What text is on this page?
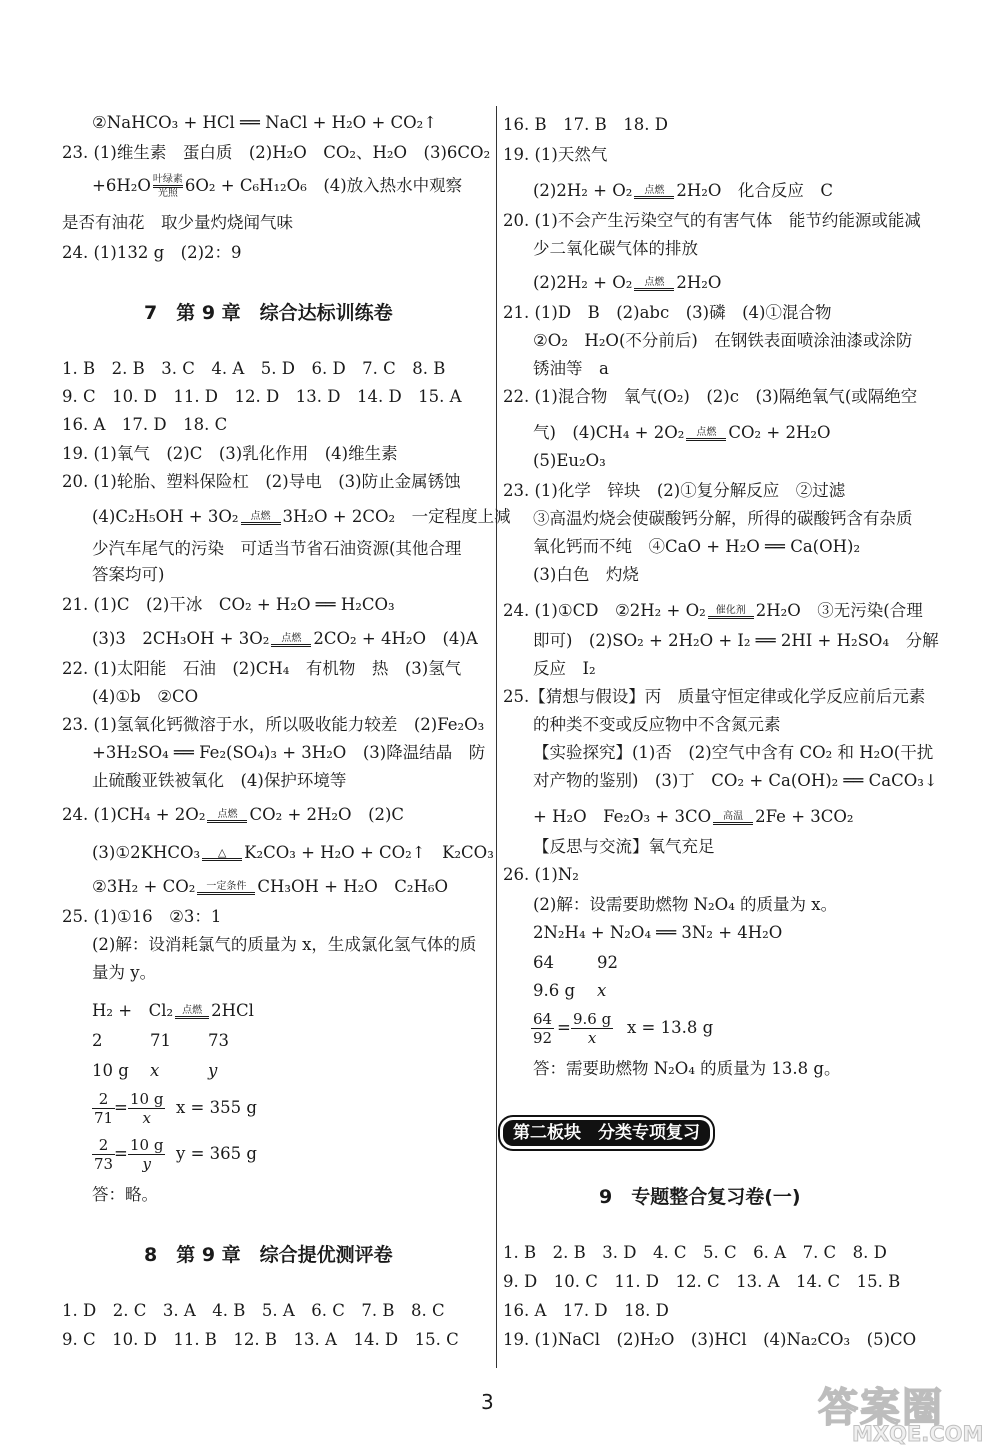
②NaHCO₃ + HCl ══ NaCl + H₂O + CO₂↑
23. (1)维生素　蛋白质　(2)H₂O　CO₂、H₂O　(3)6CO₂
+6H₂O 叶绿素
光照 6O₂ + C₆H₁₂O₆　(4)放入热水中观察
是否有油花　取少量灼烧闻气味
24. (1)132 g　(2)2：9
7　第 9 章　综合达标训练卷
1. B　2. B　3. C　4. A　5. D　6. D　7. C　8. B
9. C　10. D　11. D　12. D　13. D　14. D　15. A
16. A　17. D　18. C
19. (1)氧气　(2)C　(3)乳化作用　(4)维生素
20. (1)轮胎、塑料保险杠　(2)导电　(3)防止金属锈蚀
(4)C₂H₅OH + 3O₂	点燃 3H₂O + 2CO₂　一定程度上减
少汽车尾气的污染　可适当节省石油资源(其他合理
答案均可)
21. (1)C　(2)干冰　CO₂ + H₂O ══ H₂CO₃
(3)3　2CH₃OH + 3O₂	点燃 2CO₂ + 4H₂O　(4)A
22. (1)太阳能　石油　(2)CH₄　有机物　热　(3)氢气
(4)①b　②CO
23. (1)氢氧化钙微溶于水，所以吸收能力较差　(2)Fe₂O₃
+3H₂SO₄ ══ Fe₂(SO₄)₃ + 3H₂O　(3)降温结晶　防
止硫酸亚铁被氧化　(4)保护环境等
24. (1)CH₄ + 2O₂	点燃 CO₂ + 2H₂O　(2)C
(3)①2KHCO₃	△	K₂CO₃ + H₂O + CO₂↑　K₂CO₃
②3H₂ + CO₂	一定条件 CH₃OH + H₂O　C₂H₆O
25. (1)①16　②3：1
(2)解：设消耗氯气的质量为 x，生成氯化氢气体的质
量为 y。
H₂ +　Cl₂ 点燃 2HCl
2	71 73
10 g x	y
$\frac{2}{71}$
= $\frac{10 g}{x}$ x = 355 g
$\frac{2}{73}$
= $\frac{10 g}{y}$ y = 365 g
答：略。
8　第 9 章　综合提优测评卷
1. D　2. C　3. A　4. B　5. A　6. C　7. B　8. C
9. C　10. D　11. B　12. B　13. A　14. D　15. C
16. B　17. B　18. D
19. (1)天然气
(2)2H₂ + O₂	点燃 2H₂O　化合反应　C
20. (1)不会产生污染空气的有害气体　能节约能源或能减
少二氧化碳气体的排放
(2)2H₂ + O₂	点燃 2H₂O
21. (1)D　B　(2)abc　(3)磷　(4)①混合物
②O₂　H₂O(不分前后)　在钢铁表面喷涂油漆或涂防
锈油等　a
22. (1)混合物　氧气(O₂)　(2)c　(3)隔绝氧气(或隔绝空
气)　(4)CH₄ + 2O₂	点燃 CO₂ + 2H₂O
(5)Eu₂O₃
23. (1)化学　锌块　(2)①复分解反应　②过滤
③高温灼烧会使碳酸钙分解，所得的碳酸钙含有杂质
氧化钙而不纯　④CaO + H₂O ══ Ca(OH)₂
(3)白色　灼烧
24. (1)①CD　②2H₂ + O₂	催化剂 2H₂O　③无污染(合理
即可)　(2)SO₂ + 2H₂O + I₂ ══ 2HI + H₂SO₄　分解
反应　I₂
25.【猜想与假设】丙　质量守恒定律或化学反应前后元素
的种类不变或反应物中不含氮元素
【实验探究】(1)否　(2)空气中含有 CO₂ 和 H₂O(干扰
对产物的鉴别)　(3)丁　CO₂ + Ca(OH)₂ ══ CaCO₃↓
+ H₂O　Fe₂O₃ + 3CO	高温 2Fe + 3CO₂
【反思与交流】氧气充足
26. (1)N₂
(2)解：设需要助燃物 N₂O₄ 的质量为 x。
2N₂H₄ + N₂O₄ ══ 3N₂ + 4H₂O
64	92
9.6 g x
$\frac{64}{92} = \frac{9.6 g}{x}$ x = 13.8 g
答：需要助燃物 N₂O₄ 的质量为 13.8 g。
第二板块　分类专项复习
9　专题整合复习卷(一)
1. B　2. B　3. D　4. C　5. C　6. A　7. C　8. D
9. D　10. C　11. D　12. C　13. A　14. C　15. B
16. A　17. D　18. D
19. (1)NaCl　(2)H₂O　(3)HCl　(4)Na₂CO₃　(5)CO
3	答案圈
MXQE.COM
